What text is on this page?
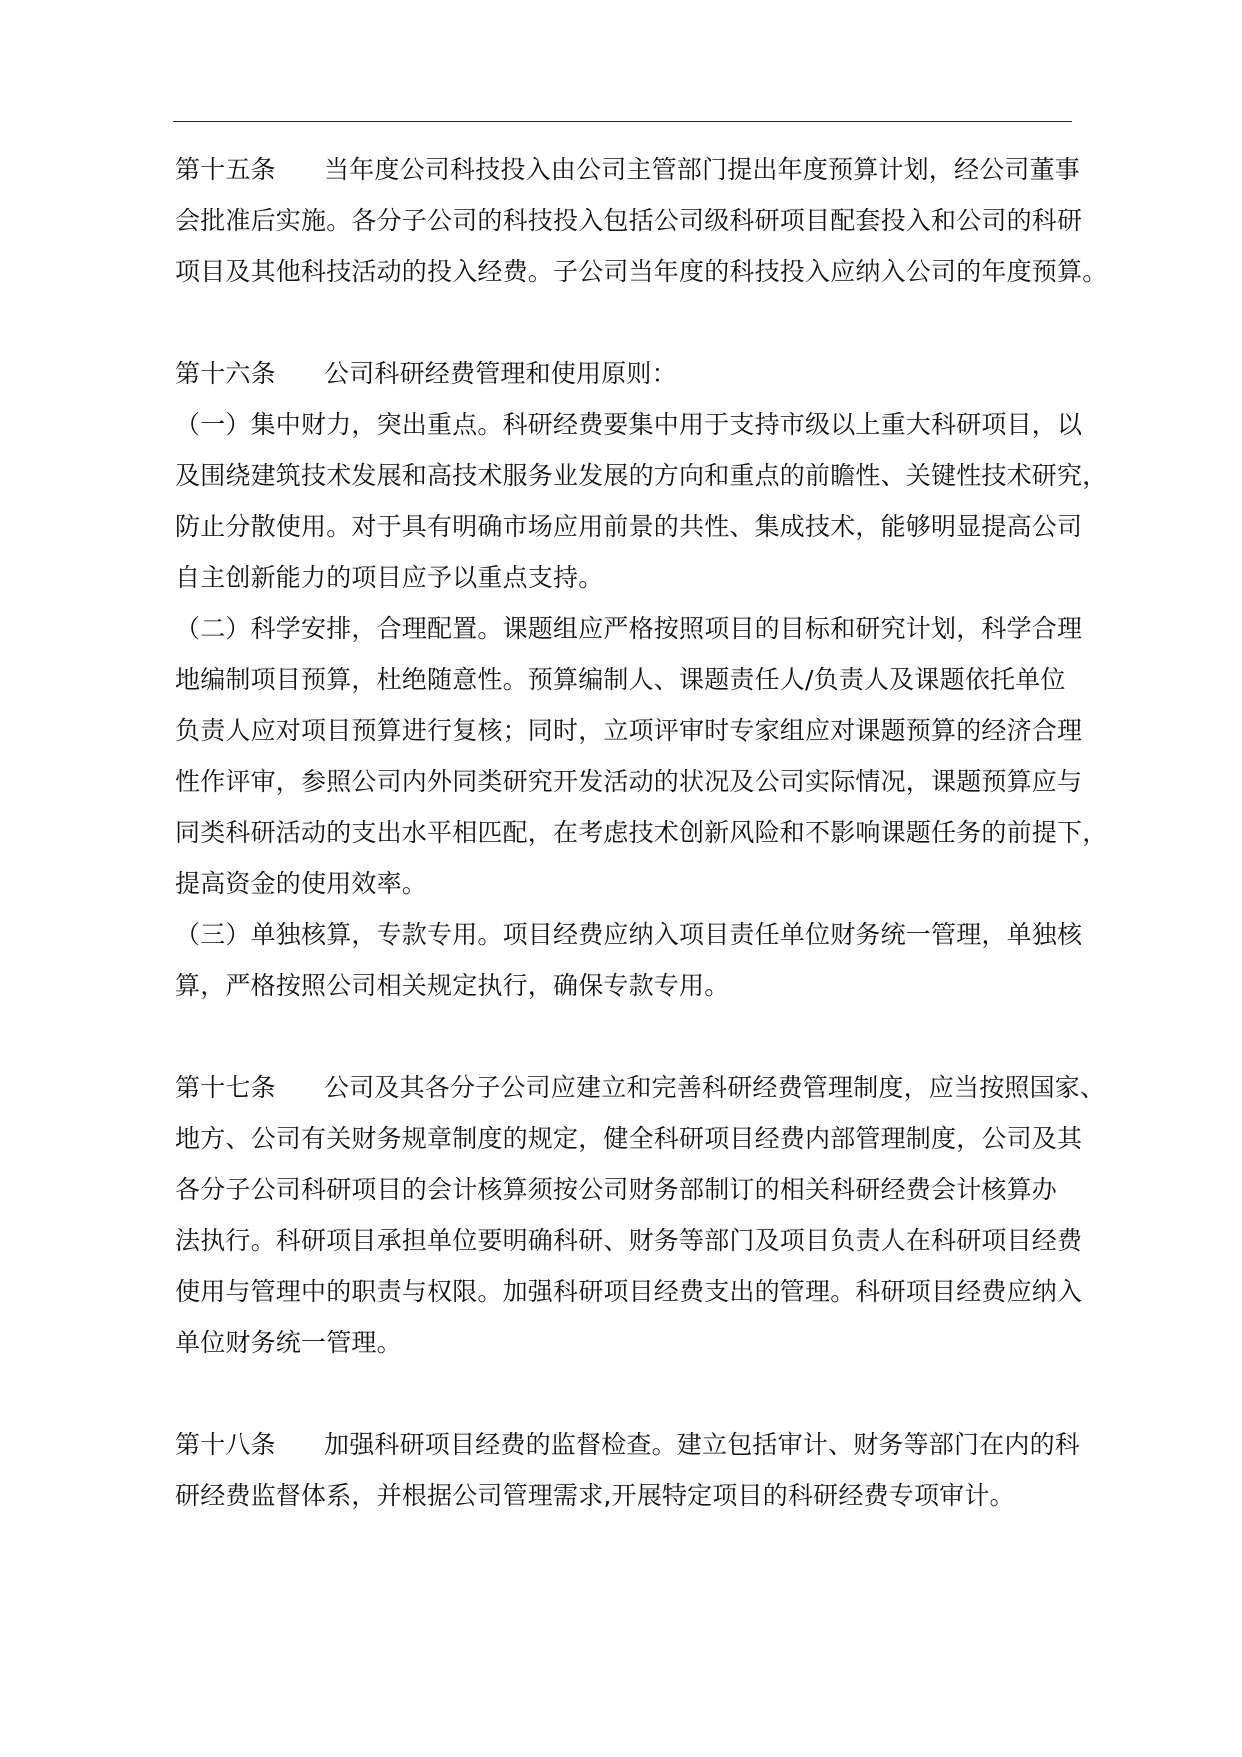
第十五条 当年度公司科技投入由公司主管部门提出年度预算计划，经公司董事
会批准后实施。各分子公司的科技投入包括公司级科研项目配套投入和公司的科研
项目及其他科技活动的投入经费。子公司当年度的科技投入应纳入公司的年度预算。
第十六条 公司科研经费管理和使用原则：
（一）集中财力，突出重点。科研经费要集中用于支持市级以上重大科研项目，以
及围绕建筑技术发展和高技术服务业发展的方向和重点的前瞻性、关键性技术研究，
防止分散使用。对于具有明确市场应用前景的共性、集成技术，能够明显提高公司
自主创新能力的项目应予以重点支持。
（二）科学安排，合理配置。课题组应严格按照项目的目标和研究计划，科学合理
地编制项目预算，杜绝随意性。预算编制人、课题责任人/负责人及课题依托单位
负责人应对项目预算进行复核；同时，立项评审时专家组应对课题预算的经济合理
性作评审，参照公司内外同类研究开发活动的状况及公司实际情况，课题预算应与
同类科研活动的支出水平相匹配，在考虑技术创新风险和不影响课题任务的前提下，
提高资金的使用效率。
（三）单独核算，专款专用。项目经费应纳入项目责任单位财务统一管理，单独核
算，严格按照公司相关规定执行，确保专款专用。
第十七条 公司及其各分子公司应建立和完善科研经费管理制度，应当按照国家、
地方、公司有关财务规章制度的规定，健全科研项目经费内部管理制度，公司及其
各分子公司科研项目的会计核算须按公司财务部制订的相关科研经费会计核算办
法执行。科研项目承担单位要明确科研、财务等部门及项目负责人在科研项目经费
使用与管理中的职责与权限。加强科研项目经费支出的管理。科研项目经费应纳入
单位财务统一管理。
第十八条 加强科研项目经费的监督检查。建立包括审计、财务等部门在内的科
研经费监督体系，并根据公司管理需求,开展特定项目的科研经费专项审计。
